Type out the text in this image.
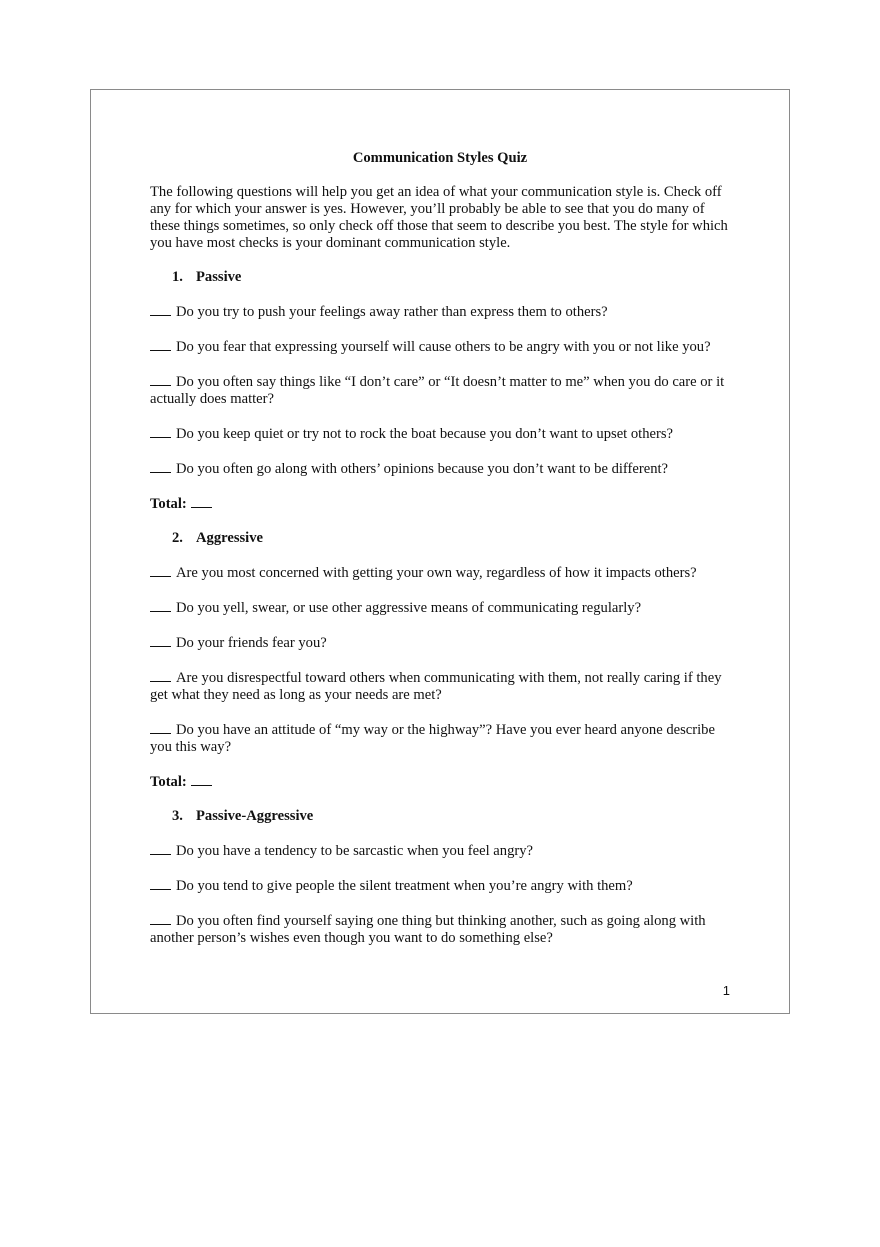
Communication Styles Quiz

The following questions will help you get an idea of what your communication style is. Check off any for which your answer is yes. However, you’ll probably be able to see that you do many of these things sometimes, so only check off those that seem to describe you best. The style for which you have most checks is your dominant communication style.

1. Passive

Do you try to push your feelings away rather than express them to others?

Do you fear that expressing yourself will cause others to be angry with you or not like you?

Do you often say things like “I don’t care” or “It doesn’t matter to me” when you do care or it actually does matter?

Do you keep quiet or try not to rock the boat because you don’t want to upset others?

Do you often go along with others’ opinions because you don’t want to be different?

Total:

2. Aggressive

Are you most concerned with getting your own way, regardless of how it impacts others?

Do you yell, swear, or use other aggressive means of communicating regularly?

Do your friends fear you?

Are you disrespectful toward others when communicating with them, not really caring if they get what they need as long as your needs are met?

Do you have an attitude of “my way or the highway”? Have you ever heard anyone describe you this way?

Total:

3. Passive-Aggressive

Do you have a tendency to be sarcastic when you feel angry?

Do you tend to give people the silent treatment when you’re angry with them?

Do you often find yourself saying one thing but thinking another, such as going along with another person’s wishes even though you want to do something else?

1
